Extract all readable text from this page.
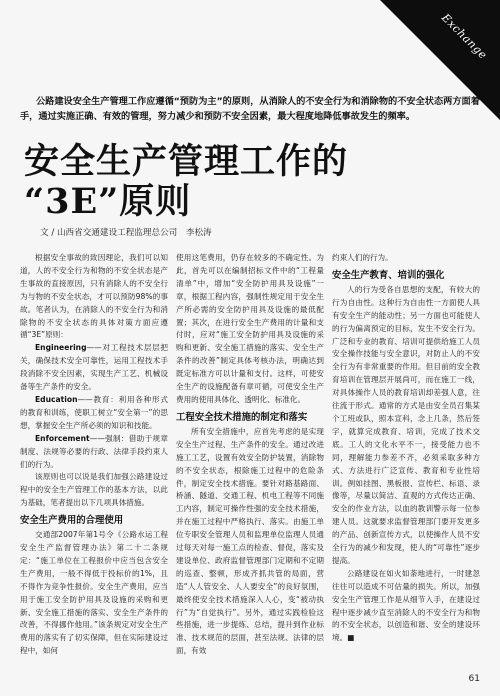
Exchange
公路建设安全生产管理工作应遵循“预防为主”的原则，从消除人的不安全行为和消除物的不安全状态两方面着手，通过实施正确、有效的管理，努力减少和预防不安全因素，最大程度地降低事故发生的频率。
安全生产管理工作的
“3E”原则
文 / 山西省交通建设工程监理总公司　李松涛

根据安全事故的致因理论，我们可以知道，人的不安全行为和物的不安全状态是产生事故的直接原因，只有消除人的不安全行为与物的不安全状态，才可以预防98%的事故。笔者认为，在消除人的不安全行为和消除物的不安全状态的具体对策方面应遵循“3E”原则：

Engineering——对工程技术层层把关，确保技术安全可靠性，运用工程技术手段消除不安全因素，实现生产工艺、机械设备等生产条件的安全。

Education——教育：利用各种形式的教育和训练，使职工树立“安全第一”的思想，掌握安全生产所必须的知识和技能。

Enforcement——强制：借助于规章制度、法规等必要的行政、法律手段约束人们的行为。

该原则也可以说是我们加强公路建设过程中的安全生产管理工作的基本方法，以此为基础，笔者提出以下几项具体措施。

安全生产费用的合理使用

交通部2007年第1号令《公路水运工程安全生产监督管理办法》第二十二条规定：“施工单位在工程报价中应当包含安全生产费用，一般不得低于投标价的1%，且不得作为竞争性报价。安全生产费用，应当用于施工安全防护用具及设施的采购和更新、安全施工措施的落实、安全生产条件的改善，不得挪作他用。”该条规定对安全生产费用的落实有了切实保障，但在实际建设过程中，如何

使用这笔费用，仍存在较多的不确定性。为此，首先可以在编制招标文件中的“工程量清单”中，增加“安全防护用具及设施”一章，根据工程内容，强制性规定用于安全生产所必需的安全防护用具及设施的最低配置；其次，在进行安全生产费用的计量和支付时，应对“施工安全防护用具及设施的采购和更新、安全施工措施的落实、安全生产条件的改善”制定具体考核办法，明确达到既定标准方可以计量和支付。这样，可使安全生产的设施配备有章可循，可使安全生产费用的使用具体化、透明化、标准化。

工程安全技术措施的制定和落实

所有安全措施中，应首先考虑的是实现安全生产过程、生产条件的安全。通过改进施工工艺，设置有效安全防护装置，消除物的不安全状态，根除施工过程中的危险条件，制定安全技术措施。要针对路基路面、桥涵、隧道、交通工程、机电工程等不同施工内容，制定可操作性强的安全技术措施，并在施工过程中严格执行、落实。由施工单位专职安全管理人员和监理单位监理人员通过每天对每一施工点的检查、督促，落实及建设单位、政府监督管理部门定期和不定期的巡查、整顿，形成齐抓共管的局面，营造“人人管安全、人人要安全”的良好氛围，最终使安全技术措施深入人心，变“被动执行”为“自觉执行”。另外，通过实践检验这些措施，进一步提炼、总结，提升到作业标准、技术规范的层面，甚至法规、法律的层面，有效

约束人们的行为。

安全生产教育、培训的强化

人的行为受各自思想的支配，有较大的行为自由性。这种行为自由性一方面使人具有安全生产的能动性；另一方面也可能使人的行为偏离预定的目标，发生不安全行为。广泛和专业的教育、培训可提供给施工人员安全操作技能与安全意识，对防止人的不安全行为有非常重要的作用。但目前的安全教育培训在管理层开展尚可，而在施工一线，对具体操作人员的教育培训却差强人意，往往流于形式。通常的方式是由安全员召集某个工班或队，照本宣科，念上几条，然后签字，就算完成教育、培训，完成了技术交底。工人的文化水平不一，接受能力也不同，理解能力参差不齐，必须采取多种方式、方法进行广泛宣传、教育和专业性培训。例如挂图、黑板报、宣传栏、标语、录像等，尽量以简洁、直观的方式传达正确、安全的作业方法，以血的教训警示每一位参建人员。这就要求监督管理部门要开发更多的产品、创新宣传方式，以使操作人员不安全行为的减少和发现，使人的“可靠性”逐步提高。

公路建设在如火如荼地进行，一时建忽往往可以造成不可估量的损失。所以，加强安全生产管理工作是从细节入手，在建设过程中逐步减少直至消除人的不安全行为和物的不安全状态，以创造和谐、安全的建设环境。■

61
